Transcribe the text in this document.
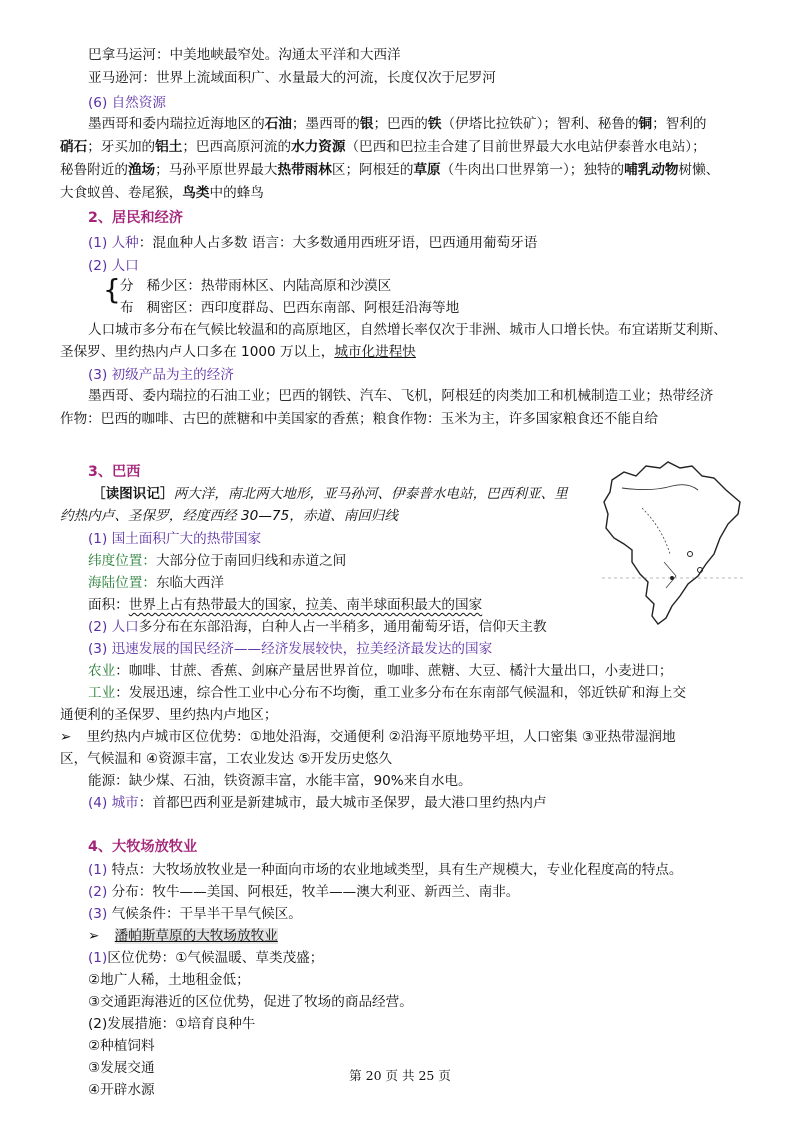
巴拿马运河：中美地峡最窄处。沟通太平洋和大西洋
亚马逊河：世界上流域面积广、水量最大的河流，长度仅次于尼罗河
(6) 自然资源
墨西哥和委内瑞拉近海地区的石油；墨西哥的银；巴西的铁（伊塔比拉铁矿）；智利、秘鲁的铜；智利的
硝石；牙买加的铝土；巴西高原河流的水力资源（巴西和巴拉圭合建了目前世界最大水电站伊泰普水电站）；
秘鲁附近的渔场；马孙平原世界最大热带雨林区；阿根廷的草原（牛肉出口世界第一）；独特的哺乳动物树懒、
大食蚁兽、卷尾猴，鸟类中的蜂鸟
2、居民和经济
(1) 人种：混血种人占多数 语言：大多数通用西班牙语，巴西通用葡萄牙语
(2) 人口
{ 分 稀少区：热带雨林区、内陆高原和沙漠区
布 稠密区：西印度群岛、巴西东南部、阿根廷沿海等地
人口城市多分布在气候比较温和的高原地区，自然增长率仅次于非洲、城市人口增长快。布宜诺斯艾利斯、
圣保罗、里约热内卢人口多在 1000 万以上，城市化进程快
(3) 初级产品为主的经济
墨西哥、委内瑞拉的石油工业；巴西的钢铁、汽车、飞机，阿根廷的肉类加工和机械制造工业；热带经济
作物：巴西的咖啡、古巴的蔗糖和中美国家的香蕉；粮食作物：玉米为主，许多国家粮食还不能自给
3、巴西
［读图识记］两大洋，南北两大地形，亚马孙河、伊泰普水电站，巴西利亚、里
约热内卢、圣保罗，经度西经 30—75，赤道、南回归线
(1) 国土面积广大的热带国家
纬度位置：大部分位于南回归线和赤道之间
海陆位置：东临大西洋
面积：世界上占有热带最大的国家，拉美、南半球面积最大的国家
(2) 人口多分布在东部沿海，白种人占一半稍多，通用葡萄牙语，信仰天主教
(3) 迅速发展的国民经济——经济发展较快，拉美经济最发达的国家
农业：咖啡、甘蔗、香蕉、剑麻产量居世界首位，咖啡、蔗糖、大豆、橘汁大量出口，小麦进口；
工业：发展迅速，综合性工业中心分布不均衡，重工业多分布在东南部气候温和，邻近铁矿和海上交
通便利的圣保罗、里约热内卢地区；
➢ 里约热内卢城市区位优势：①地处沿海，交通便利 ②沿海平原地势平坦，人口密集 ③亚热带湿润地
区，气候温和 ④资源丰富，工农业发达 ⑤开发历史悠久
能源：缺少煤、石油，铁资源丰富，水能丰富，90%来自水电。
(4) 城市：首都巴西利亚是新建城市，最大城市圣保罗，最大港口里约热内卢
4、大牧场放牧业
(1) 特点：大牧场放牧业是一种面向市场的农业地域类型，具有生产规模大，专业化程度高的特点。
(2) 分布：牧牛——美国、阿根廷，牧羊——澳大利亚、新西兰、南非。
(3) 气候条件：干旱半干旱气候区。
➢ 潘帕斯草原的大牧场放牧业
(1)区位优势：①气候温暖、草类茂盛；
②地广人稀，土地租金低；
③交通距海港近的区位优势，促进了牧场的商品经营。
(2)发展措施：①培育良种牛
②种植饲料
③发展交通
④开辟水源
第 20 页 共 25 页
